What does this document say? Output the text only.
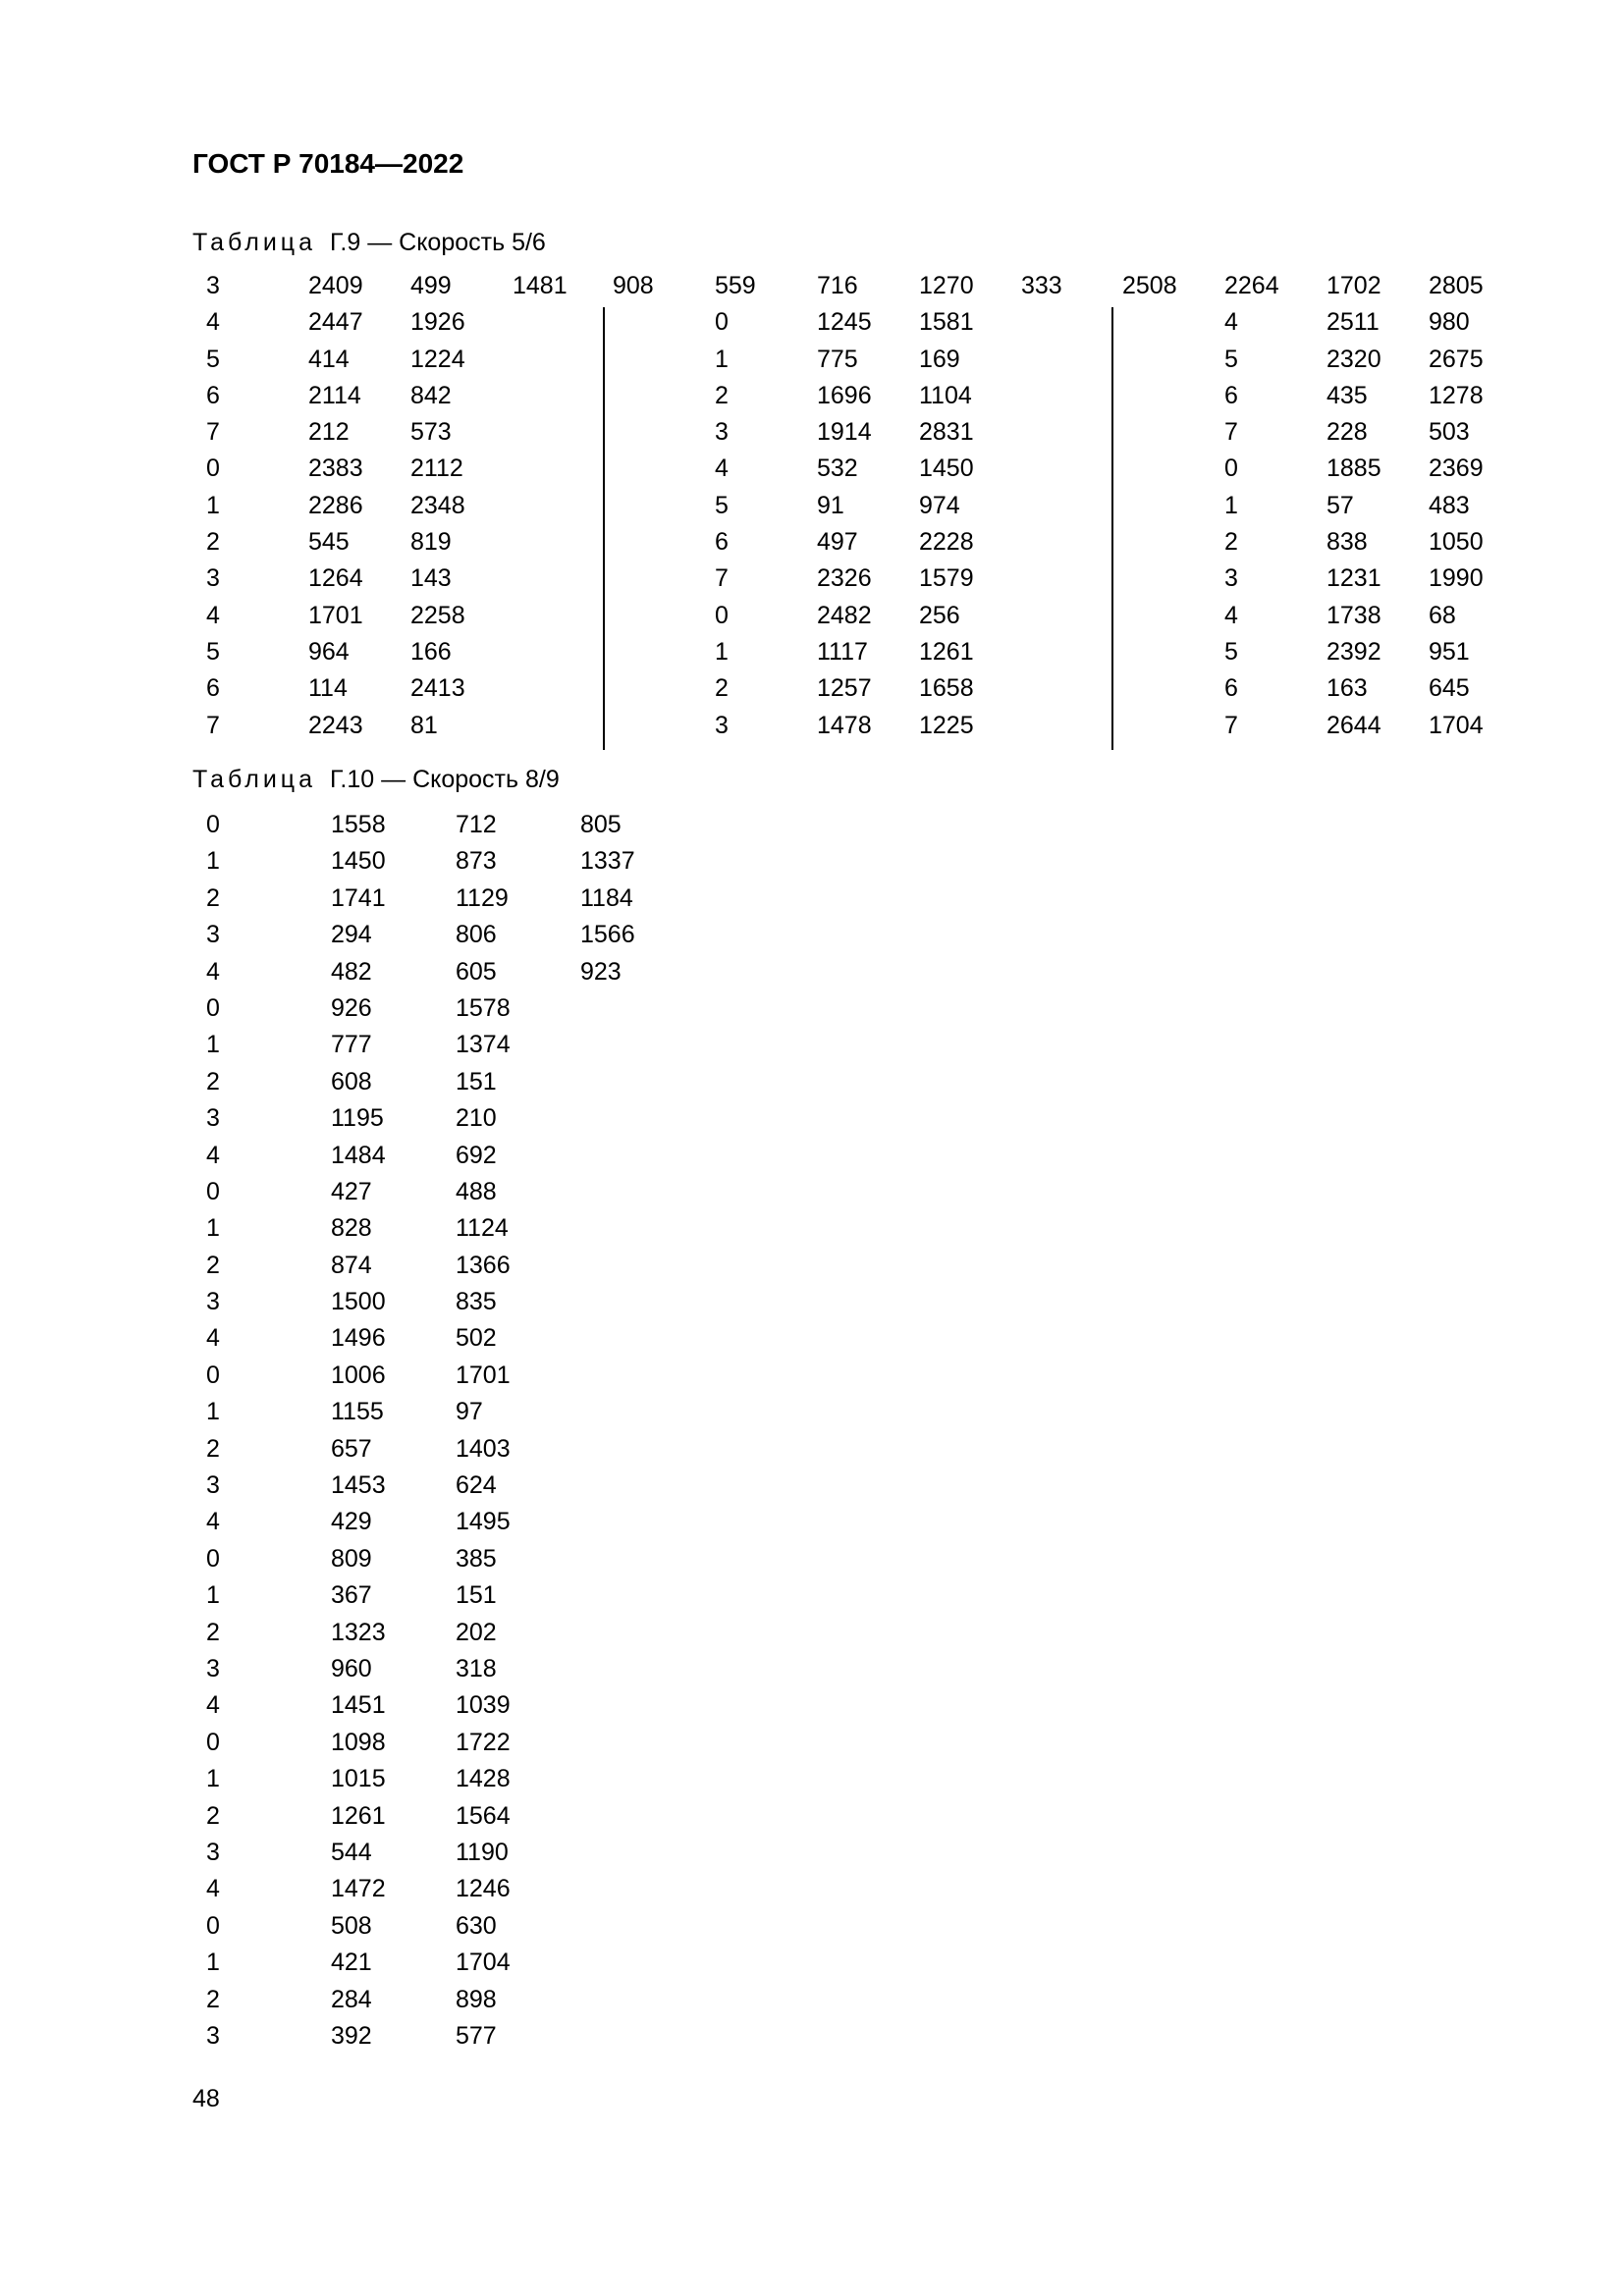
ГОСТ Р 70184—2022
Таблица Г.9 — Скорость 5/6
3	2409 499 1481 908 559 716 1270 333 2508 2264 1702 2805
4	2447 1926	0	1245 1581	4	2511 980
5	414 1224	1	775 169	5	2320 2675
6	2114 842	2	1696 1104	6	435 1278
7	212 573	3	1914 2831	7	228 503
0	2383 2112	4	532 1450	0	1885 2369
1	2286 2348	5	91	974	1	57	483
2	545 819	6	497 2228	2	838 1050
3	1264 143	7	2326 1579	3	1231 1990
4	1701 2258	0	2482 256	4	1738 68
5	964 166	1	1117 1261	5	2392 951
6	114	2413	2	1257 1658	6	163 645
7	2243 81	3	1478 1225	7	2644 1704
Таблица Г.10 — Скорость 8/9
0	1558	712	805
1	1450	873	1337
2	1741	1129	1184
3	294	806	1566
4	482	605	923
0	926	1578
1	777	1374
2	608	151
3	1195	210
4	1484	692
0	427	488
1	828	1124
2	874	1366
3	1500	835
4	1496	502
0	1006	1701
1	1155	97
2	657	1403
3	1453	624
4	429	1495
0	809	385
1	367	151
2	1323	202
3	960	318
4	1451	1039
0	1098	1722
1	1015	1428
2	1261	1564
3	544	1190
4	1472	1246
0	508	630
1	421	1704
2	284	898
3	392	577
48
